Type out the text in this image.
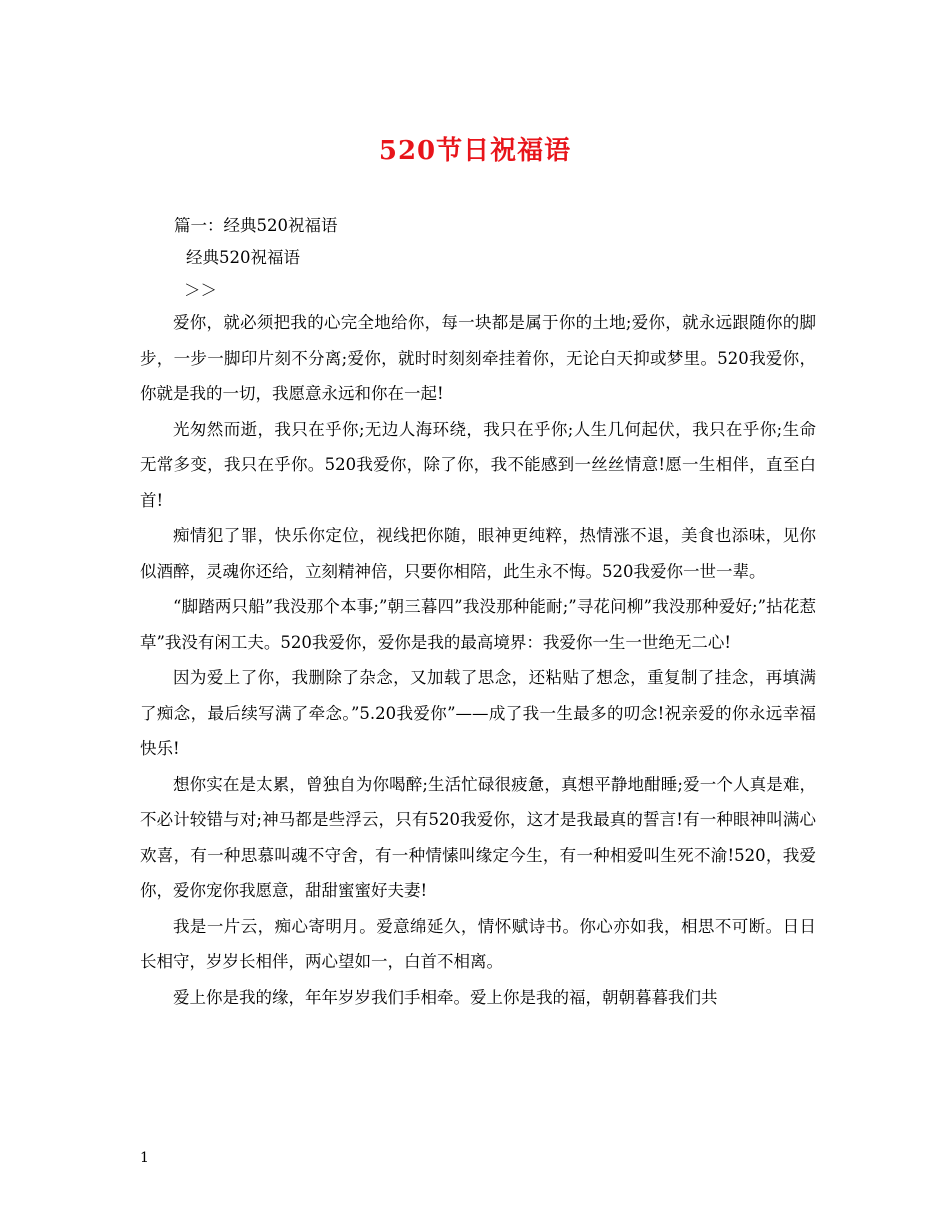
520节日祝福语
篇一：经典520祝福语
经典520祝福语
＞＞

爱你，就必须把我的心完全地给你，每一块都是属于你的土地;爱你，就永远跟随你的脚步，一步一脚印片刻不分离;爱你，就时时刻刻牵挂着你，无论白天抑或梦里。520我爱你，你就是我的一切，我愿意永远和你在一起!

光匆然而逝，我只在乎你;无边人海环绕，我只在乎你;人生几何起伏，我只在乎你;生命无常多变，我只在乎你。520我爱你，除了你，我不能感到一丝丝情意!愿一生相伴，直至白首!

痴情犯了罪，快乐你定位，视线把你随，眼神更纯粹，热情涨不退，美食也添味，见你似酒醉，灵魂你还给，立刻精神倍，只要你相陪，此生永不悔。520我爱你一世一辈。

“脚踏两只船”我没那个本事;”朝三暮四”我没那种能耐;”寻花问柳”我没那种爱好;”拈花惹草”我没有闲工夫。520我爱你，爱你是我的最高境界：我爱你一生一世绝无二心!

因为爱上了你，我删除了杂念，又加载了思念，还粘贴了想念，重复制了挂念，再填满了痴念，最后续写满了牵念。”5.20我爱你”——成了我一生最多的叨念!祝亲爱的你永远幸福快乐!

想你实在是太累，曾独自为你喝醉;生活忙碌很疲惫，真想平静地酣睡;爱一个人真是难，不必计较错与对;神马都是些浮云，只有520我爱你，这才是我最真的誓言!有一种眼神叫满心欢喜，有一种思慕叫魂不守舍，有一种情愫叫缘定今生，有一种相爱叫生死不渝!520，我爱你，爱你宠你我愿意，甜甜蜜蜜好夫妻!

我是一片云，痴心寄明月。爱意绵延久，情怀赋诗书。你心亦如我，相思不可断。日日长相守，岁岁长相伴，两心望如一，白首不相离。

爱上你是我的缘，年年岁岁我们手相牵。爱上你是我的福，朝朝暮暮我们共

1
